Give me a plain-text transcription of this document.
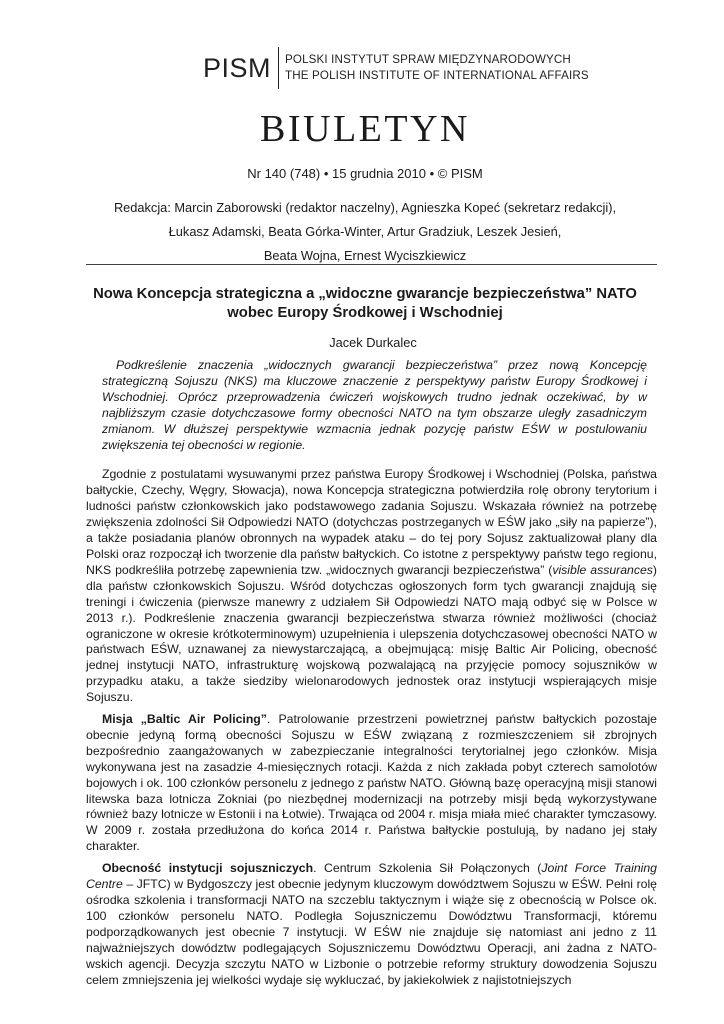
PISM POLSKI INSTYTUT SPRAW MIĘDZYNARODOWYCH
THE POLISH INSTITUTE OF INTERNATIONAL AFFAIRS
BIULETYN
Nr 140 (748) • 15 grudnia 2010 • © PISM
Redakcja: Marcin Zaborowski (redaktor naczelny), Agnieszka Kopeć (sekretarz redakcji),
Łukasz Adamski, Beata Górka-Winter, Artur Gradziuk, Leszek Jesień,
Beata Wojna, Ernest Wyciszkiewicz
Nowa Koncepcja strategiczna a „widoczne gwarancje bezpieczeństwa” NATO
wobec Europy Środkowej i Wschodniej
Jacek Durkalec

Podkreślenie znaczenia „widocznych gwarancji bezpieczeństwa” przez nową Koncepcję strategiczną Sojuszu (NKS) ma kluczowe znaczenie z perspektywy państw Europy Środkowej i Wschodniej. Oprócz przeprowadzenia ćwiczeń wojskowych trudno jednak oczekiwać, by w najbliższym czasie dotychczasowe formy obecności NATO na tym obszarze uległy zasadniczym zmianom. W dłuższej perspektywie wzmacnia jednak pozycję państw EŚW w postulowaniu zwiększenia tej obecności w regionie.

Zgodnie z postulatami wysuwanymi przez państwa Europy Środkowej i Wschodniej (Polska, państwa bałtyckie, Czechy, Węgry, Słowacja), nowa Koncepcja strategiczna potwierdziła rolę obrony terytorium i ludności państw członkowskich jako podstawowego zadania Sojuszu. Wskazała również na potrzebę zwiększenia zdolności Sił Odpowiedzi NATO (dotychczas postrzeganych w EŚW jako „siły na papierze”), a także posiadania planów obronnych na wypadek ataku – do tej pory Sojusz zaktualizował plany dla Polski oraz rozpoczął ich tworzenie dla państw bałtyckich. Co istotne z perspektywy państw tego regionu, NKS podkreśliła potrzebę zapewnienia tzw. „widocznych gwarancji bezpieczeństwa” (visible assurances) dla państw członkowskich Sojuszu. Wśród dotychczas ogłoszonych form tych gwarancji znajdują się treningi i ćwiczenia (pierwsze manewry z udziałem Sił Odpowiedzi NATO mają odbyć się w Polsce w 2013 r.). Podkreślenie znaczenia gwarancji bezpieczeństwa stwarza również możliwości (chociaż ograniczone w okresie krótkoterminowym) uzupełnienia i ulepszenia dotychczasowej obecności NATO w państwach EŚW, uznawanej za niewystarczającą, a obejmującą: misję Baltic Air Policing, obecność jednej instytucji NATO, infrastrukturę wojskową pozwalającą na przyjęcie pomocy sojuszników w przypadku ataku, a także siedziby wielonarodowych jednostek oraz instytucji wspierających misje Sojuszu.

Misja „Baltic Air Policing”. Patrolowanie przestrzeni powietrznej państw bałtyckich pozostaje obecnie jedyną formą obecności Sojuszu w EŚW związaną z rozmieszczeniem sił zbrojnych bezpośrednio zaangażowanych w zabezpieczanie integralności terytorialnej jego członków. Misja wykonywana jest na zasadzie 4-miesięcznych rotacji. Każda z nich zakłada pobyt czterech samolotów bojowych i ok. 100 członków personelu z jednego z państw NATO. Główną bazę operacyjną misji stanowi litewska baza lotnicza Zokniai (po niezbędnej modernizacji na potrzeby misji będą wykorzystywane również bazy lotnicze w Estonii i na Łotwie). Trwająca od 2004 r. misja miała mieć charakter tymczasowy. W 2009 r. została przedłużona do końca 2014 r. Państwa bałtyckie postulują, by nadano jej stały charakter.

Obecność instytucji sojuszniczych. Centrum Szkolenia Sił Połączonych (Joint Force Training Centre – JFTC) w Bydgoszczy jest obecnie jedynym kluczowym dowództwem Sojuszu w EŚW. Pełni rolę ośrodka szkolenia i transformacji NATO na szczeblu taktycznym i wiąże się z obecnością w Polsce ok. 100 członków personelu NATO. Podległa Sojuszniczemu Dowództwu Transformacji, któremu podporządkowanych jest obecnie 7 instytucji. W EŚW nie znajduje się natomiast ani jedno z 11 najważniejszych dowództw podlegających Sojuszniczemu Dowództwu Operacji, ani żadna z NATO-wskich agencji. Decyzja szczytu NATO w Lizbonie o potrzebie reformy struktury dowodzenia Sojuszu celem zmniejszenia jej wielkości wydaje się wykluczać, by jakiekolwiek z najistotniejszych
